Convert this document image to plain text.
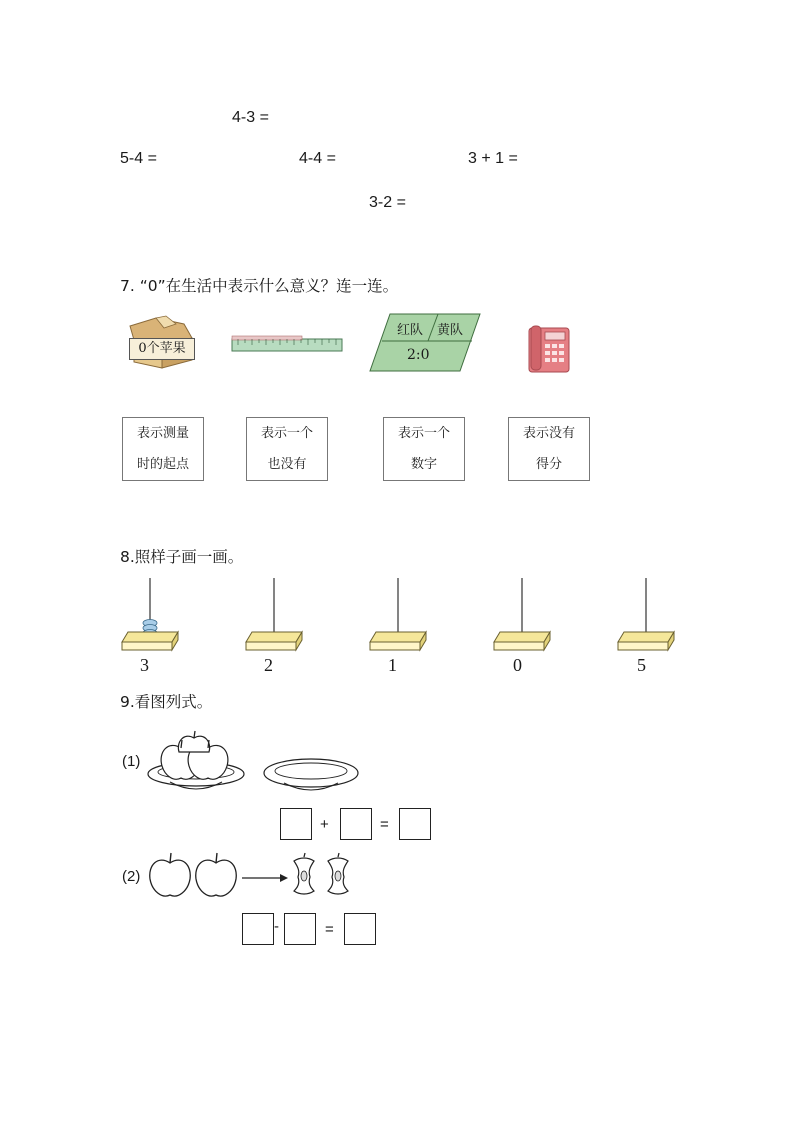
4-3 =
5-4 =	4-4 =	3 + 1 =
3-2 =
7. “0”在生活中表示什么意义？连一连。
0个苹果
红队 黄队
2:0
表示测量
时的起点
表示一个
也没有
表示一个
数字
表示没有
得分
8.照样子画一画。
3	2	1	0	5
9.看图列式。
(1)
+	=
(2)
-	=
